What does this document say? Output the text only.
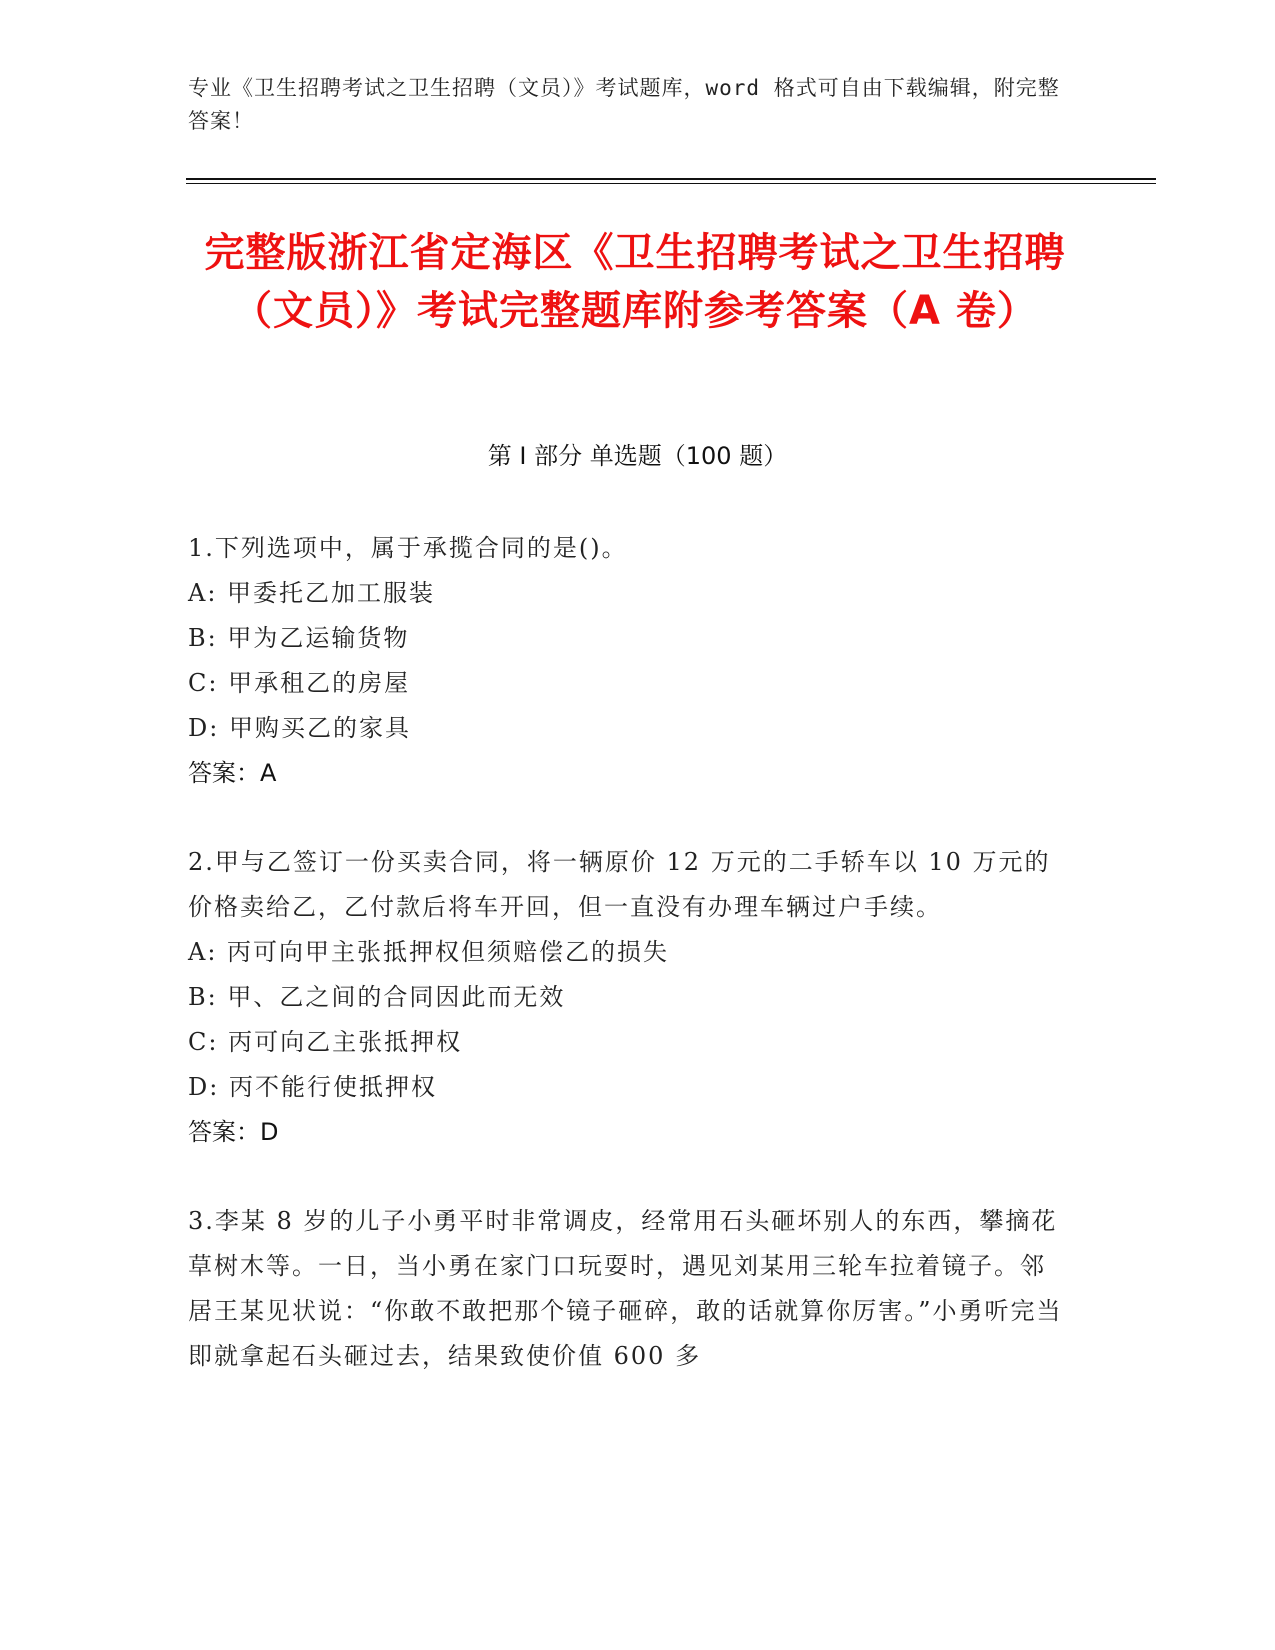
专业《卫生招聘考试之卫生招聘（文员）》考试题库，word 格式可自由下载编辑，附完整答案！
完整版浙江省定海区《卫生招聘考试之卫生招聘（文员）》考试完整题库附参考答案（A 卷）
第 I 部分 单选题（100 题）

1.下列选项中，属于承揽合同的是()。

A: 甲委托乙加工服装

B: 甲为乙运输货物

C: 甲承租乙的房屋

D: 甲购买乙的家具

答案：A

2.甲与乙签订一份买卖合同，将一辆原价 12 万元的二手轿车以 10 万元的价格卖给乙，乙付款后将车开回，但一直没有办理车辆过户手续。

A: 丙可向甲主张抵押权但须赔偿乙的损失

B: 甲、乙之间的合同因此而无效

C: 丙可向乙主张抵押权

D: 丙不能行使抵押权

答案：D

3.李某 8 岁的儿子小勇平时非常调皮，经常用石头砸坏别人的东西，攀摘花草树木等。一日，当小勇在家门口玩耍时，遇见刘某用三轮车拉着镜子。邻居王某见状说：“你敢不敢把那个镜子砸碎，敢的话就算你厉害。”小勇听完当即就拿起石头砸过去，结果致使价值 600 多
